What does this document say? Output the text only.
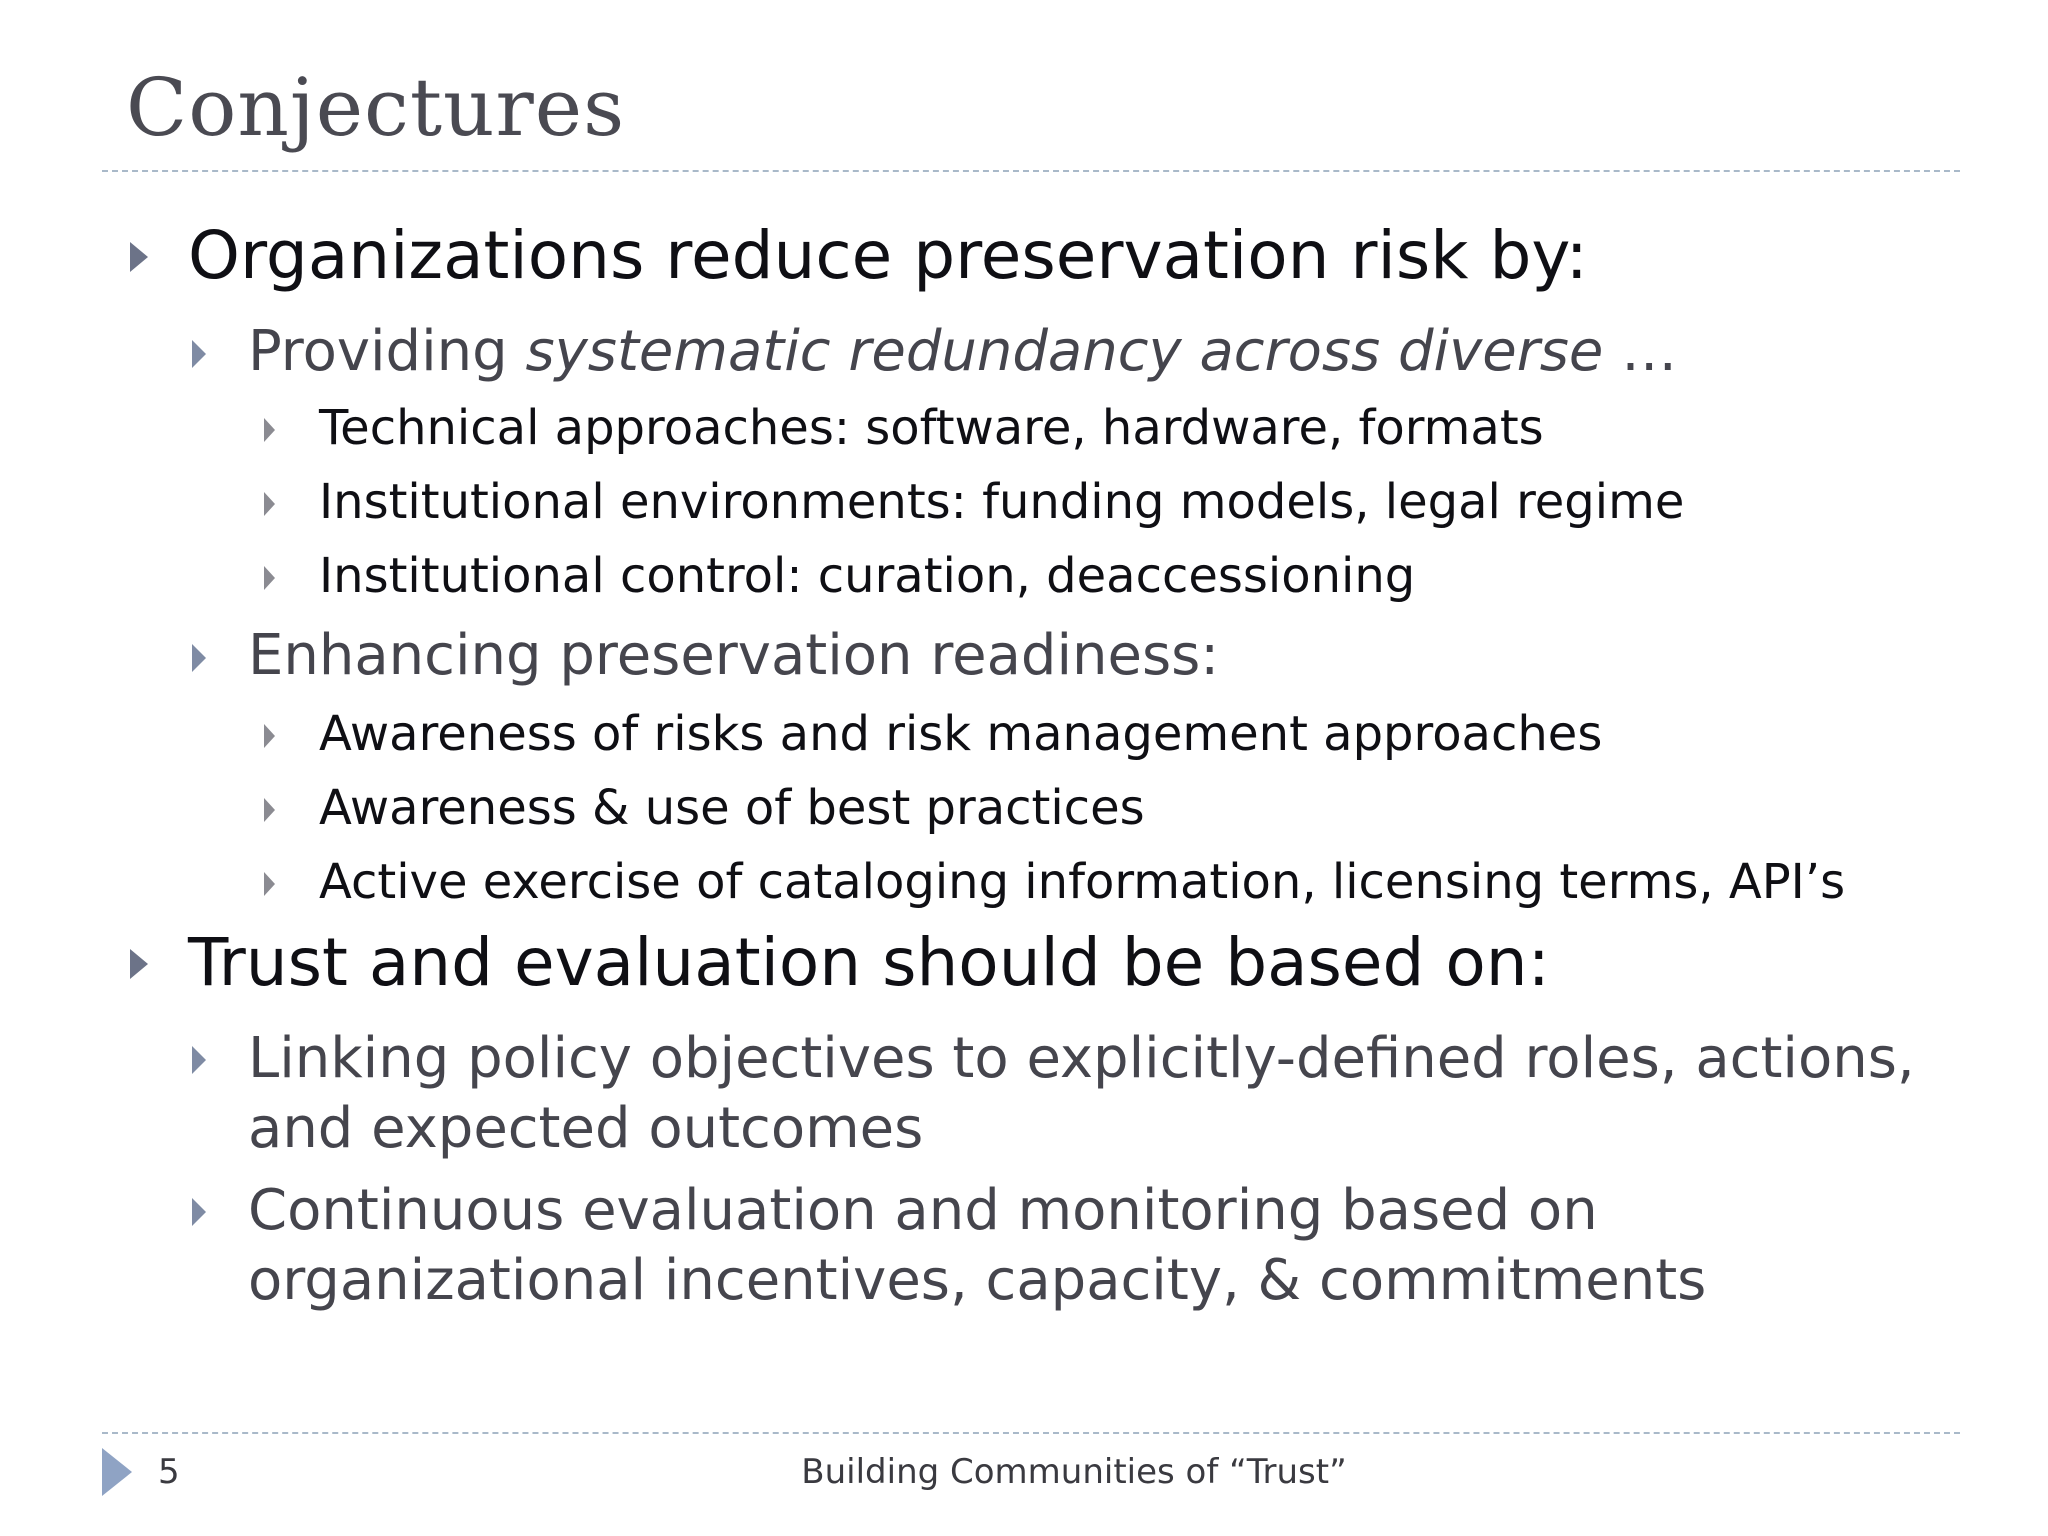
Conjectures
Organizations reduce preservation risk by:
Providing systematic redundancy across diverse …
Technical approaches: software, hardware, formats
Institutional environments: funding models, legal regime
Institutional control: curation, deaccessioning
Enhancing preservation readiness:
Awareness of risks and risk management approaches
Awareness & use of best practices
Active exercise of cataloging information, licensing terms, API’s
Trust and evaluation should be based on:
Linking policy objectives to explicitly-defined roles, actions, and expected outcomes
Continuous evaluation and monitoring based on organizational incentives, capacity, & commitments
5	Building Communities of “Trust”
